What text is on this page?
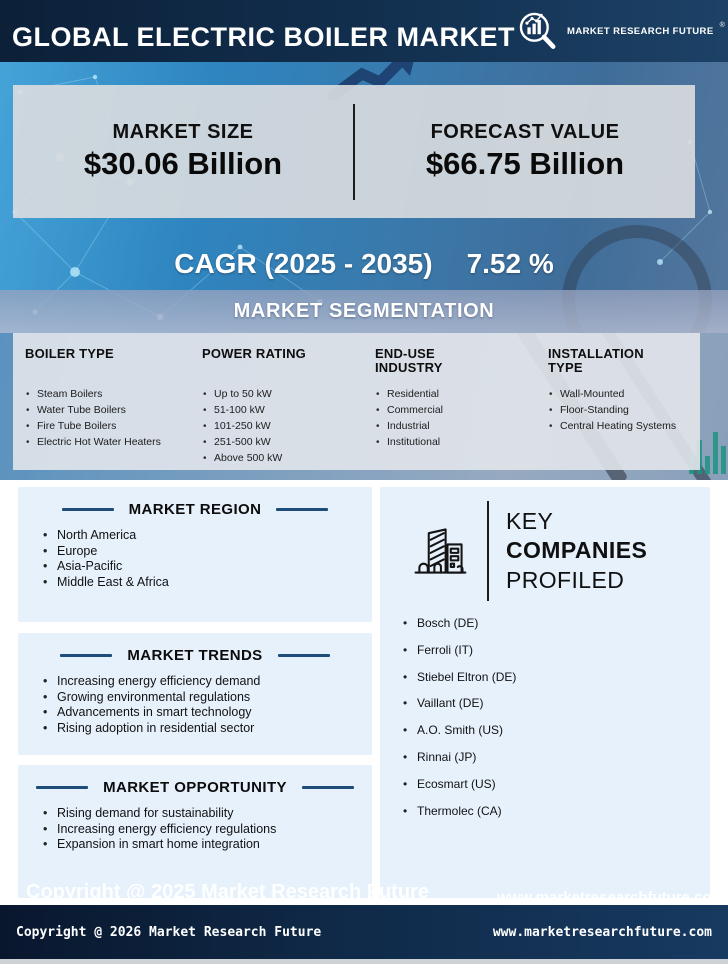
GLOBAL ELECTRIC BOILER MARKET	MARKET RESEARCH FUTURE
®
MARKET SIZE
$30.06 Billion
FORECAST VALUE
$66.75 Billion
CAGR (2025 - 2035) 7.52 %
MARKET SEGMENTATION
BOILER TYPE
• Steam Boilers
• Water Tube Boilers
• Fire Tube Boilers
• Electric Hot Water Heaters
POWER RATING
• Up to 50 kW
• 51-100 kW
• 101-250 kW
• 251-500 kW
• Above 500 kW
END-USE INDUSTRY
• Residential
• Commercial
• Industrial
• Institutional
INSTALLATION TYPE
• Wall-Mounted
• Floor-Standing
• Central Heating Systems
MARKET REGION
• North America
• Europe
• Asia-Pacific
• Middle East & Africa
MARKET TRENDS
• Increasing energy efficiency demand
• Growing environmental regulations
• Advancements in smart technology
• Rising adoption in residential sector
MARKET OPPORTUNITY
• Rising demand for sustainability
• Increasing energy efficiency regulations
• Expansion in smart home integration
KEY
COMPANIES
PROFILED
• Bosch (DE)
• Ferroli (IT)
• Stiebel Eltron (DE)
• Vaillant (DE)
• A.O. Smith (US)
• Rinnai (JP)
• Ecosmart (US)
• Thermolec (CA)
Copyright @ 2025 Market Research Future	www.marketresearchfuture.com
Copyright @ 2026 Market Research Future	www.marketresearchfuture.com
